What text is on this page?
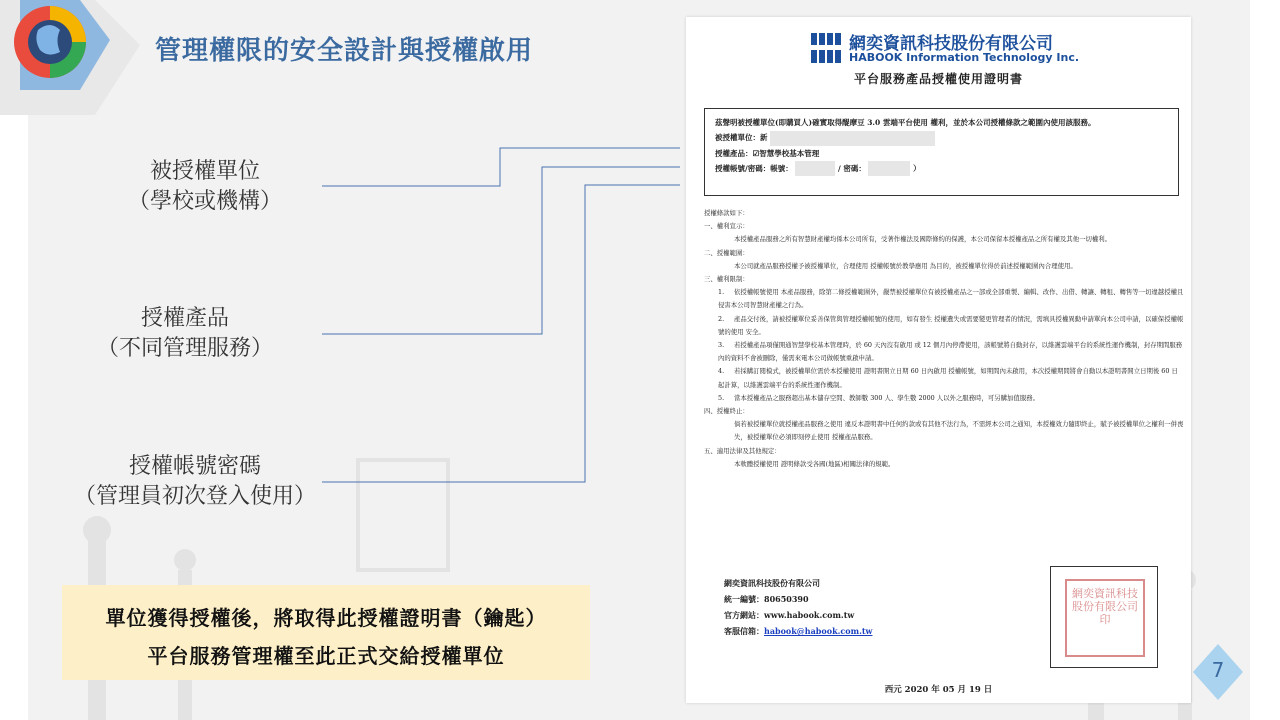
管理權限的安全設計與授權啟用
被授權單位
（學校或機構）
授權產品
（不同管理服務）
授權帳號密碼
（管理員初次登入使用）
單位獲得授權後，將取得此授權證明書（鑰匙）
平台服務管理權至此正式交給授權單位
網奕資訊科技股份有限公司
HABOOK Information Technology Inc.
平台服務產品授權使用證明書
茲聲明被授權單位(即購買人)確實取得醍摩豆 3.0 雲端平台使用 權利，並於本公司授權條款之範圍內使用該服務。
被授權單位：新
授權產品：☑智慧學校基本管理
授權帳號/密碼：帳號：	/ 密碼：	）
授權條款如下：
一、權利宣示：
本授權產品服務之所有智慧財產權均係本公司所有，受著作權法及國際條約的保護，本公司保留本授權產品之所有權及其他一切權利。
二、授權範圍：
本公司就產品服務授權予被授權單位，合理使用 授權帳號於教學應用 為目的，被授權單位得於前述授權範圍內合理使用。
三、權利限制：
1. 依授權帳號使用 本產品服務，除第二條授權範圍外，嚴禁被授權單位有被授權產品之一部或全部重製、編輯、改作、出借、轉讓、轉租、轉售等一切違越授權且侵害本公司智慧財產權之行為。
2. 產品交付後，請被授權單位妥善保管與管理授權帳號的使用，如有發生 授權遺失或需要變更管理者的情況，需填具授權異動申請單向本公司申請，以確保授權帳號的使用 安全。
3. 若授權產品項僅開通智慧學校基本管理時，於 60 天內沒有啟用 或 12 個月內停滯使用，該帳號將自動封存，以維護雲端平台的系統性運作機制，封存期間服務內的資料不會被刪除，僅需來電本公司做帳號重啟申請。
4. 若採購訂閱模式，被授權單位需於本授權使用 證明書開立日期 60 日內啟用 授權帳號，如期間內未啟用，本次授權期間將會自動以本證明書開立日期後 60 日起計算，以維護雲端平台的系統性運作機制。
5. 當本授權產品之服務超出基本儲存空間、教師數 300 人、學生數 2000 人以外之服務時，可另購加值服務。
四、授權終止：
倘若被授權單位就授權產品服務之使用 違反本證明書中任何約款或有其他不法行為，不需經本公司之通知，本授權效力隨即終止，賦予被授權單位之權利一併喪失，被授權單位必須即刻停止使用 授權產品服務。
五、適用法律及其他規定：
本軟體授權使用 證明條款受各國(地區)相關法律的規範。
網奕資訊科技股份有限公司
統一編號：80650390
官方網站：www.habook.com.tw
客服信箱：habook@habook.com.tw
網奕資訊科技股份有限公司印
西元 2020 年 05 月 19 日
7
